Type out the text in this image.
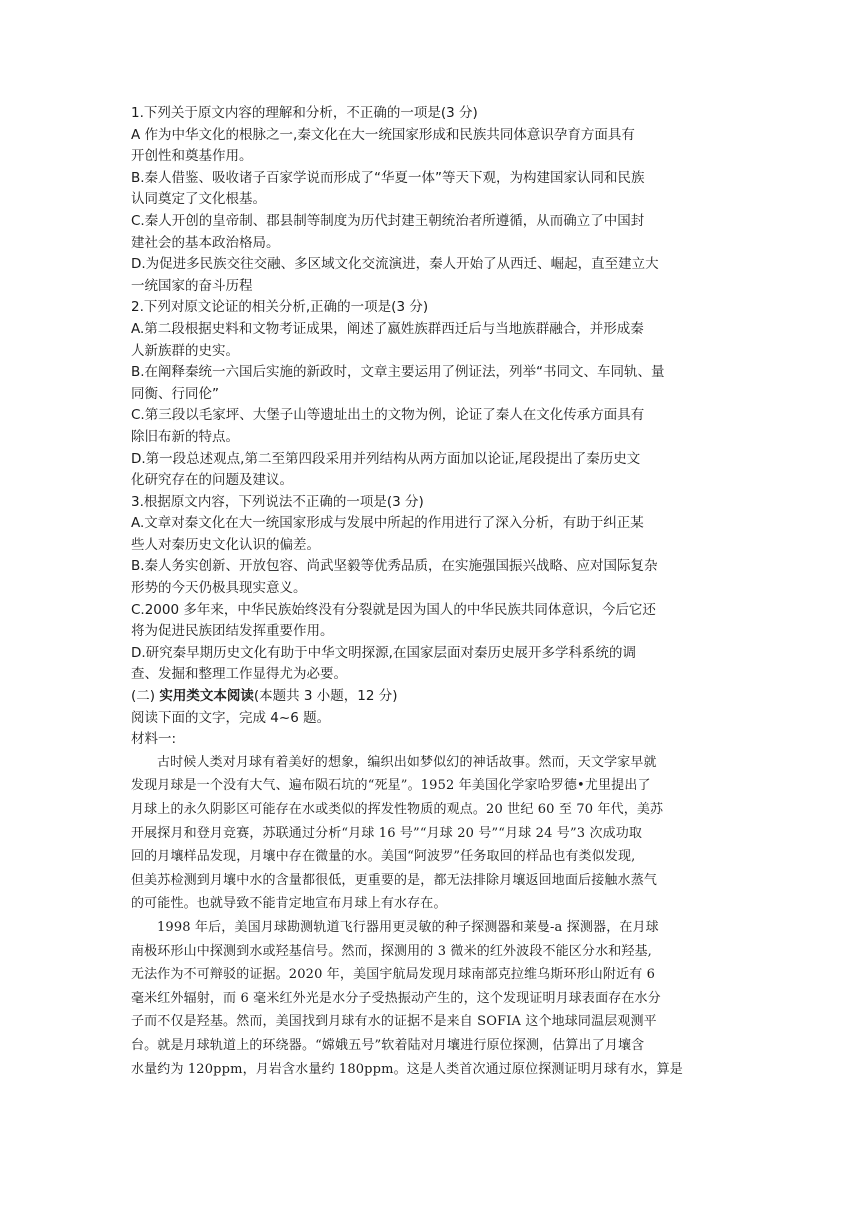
1.下列关于原文内容的理解和分析，不正确的一项是(3 分)
A 作为中华文化的根脉之一,秦文化在大一统国家形成和民族共同体意识孕育方面具有
开创性和奠基作用。
B.秦人借鉴、吸收诸子百家学说而形成了“华夏一体”等天下观，为构建国家认同和民族
认同奠定了文化根基。
C.秦人开创的皇帝制、郡县制等制度为历代封建王朝统治者所遵循，从而确立了中国封
建社会的基本政治格局。
D.为促进多民族交往交融、多区域文化交流演进，秦人开始了从西迁、崛起，直至建立大
一统国家的奋斗历程
2.下列对原文论证的相关分析,正确的一项是(3 分)
A.第二段根据史料和文物考证成果，阐述了嬴姓族群西迁后与当地族群融合，并形成秦
人新族群的史实。
B.在阐释秦统一六国后实施的新政时，文章主要运用了例证法，列举“书同文、车同轨、量
同衡、行同伦”
C.第三段以毛家坪、大堡子山等遗址出土的文物为例，论证了秦人在文化传承方面具有
除旧布新的特点。
D.第一段总述观点,第二至第四段采用并列结构从两方面加以论证,尾段提出了秦历史文
化研究存在的问题及建议。
3.根据原文内容，下列说法不正确的一项是(3 分)
A.文章对秦文化在大一统国家形成与发展中所起的作用进行了深入分析，有助于纠正某
些人对秦历史文化认识的偏差。
B.秦人务实创新、开放包容、尚武坚毅等优秀品质，在实施强国振兴战略、应对国际复杂
形势的今天仍极具现实意义。
C.2000 多年来，中华民族始终没有分裂就是因为国人的中华民族共同体意识，今后它还
将为促进民族团结发挥重要作用。
D.研究秦早期历史文化有助于中华文明探源,在国家层面对秦历史展开多学科系统的调
查、发掘和整理工作显得尤为必要。
(二) 实用类文本阅读(本题共 3 小题，12 分)
阅读下面的文字，完成 4~6 题。
材料一:
古时候人类对月球有着美好的想象，编织出如梦似幻的神话故事。然而，天文学家早就
发现月球是一个没有大气、遍布陨石坑的“死星”。1952 年美国化学家哈罗德•尤里提出了
月球上的永久阴影区可能存在水或类似的挥发性物质的观点。20 世纪 60 至 70 年代，美苏
开展探月和登月竞赛，苏联通过分析“月球 16 号”“月球 20 号”“月球 24 号”3 次成功取
回的月壤样品发现，月壤中存在微量的水。美国“阿波罗”任务取回的样品也有类似发现,
但美苏检测到月壤中水的含量都很低，更重要的是，都无法排除月壤返回地面后接触水蒸气
的可能性。也就导致不能肯定地宣布月球上有水存在。
1998 年后，美国月球勘测轨道飞行器用更灵敏的种子探测器和莱曼-a 探测器，在月球
南极环形山中探测到水或羟基信号。然而，探测用的 3 微米的红外波段不能区分水和羟基,
无法作为不可辩驳的证据。2020 年，美国宇航局发现月球南部克拉维乌斯环形山附近有 6
毫米红外辐射，而 6 毫米红外光是水分子受热振动产生的，这个发现证明月球表面存在水分
子而不仅是羟基。然而，美国找到月球有水的证据不是来自 SOFIA 这个地球同温层观测平
台。就是月球轨道上的环绕器。“嫦娥五号”软着陆对月壤进行原位探测，估算出了月壤含
水量约为 120ppm，月岩含水量约 180ppm。这是人类首次通过原位探测证明月球有水，算是
